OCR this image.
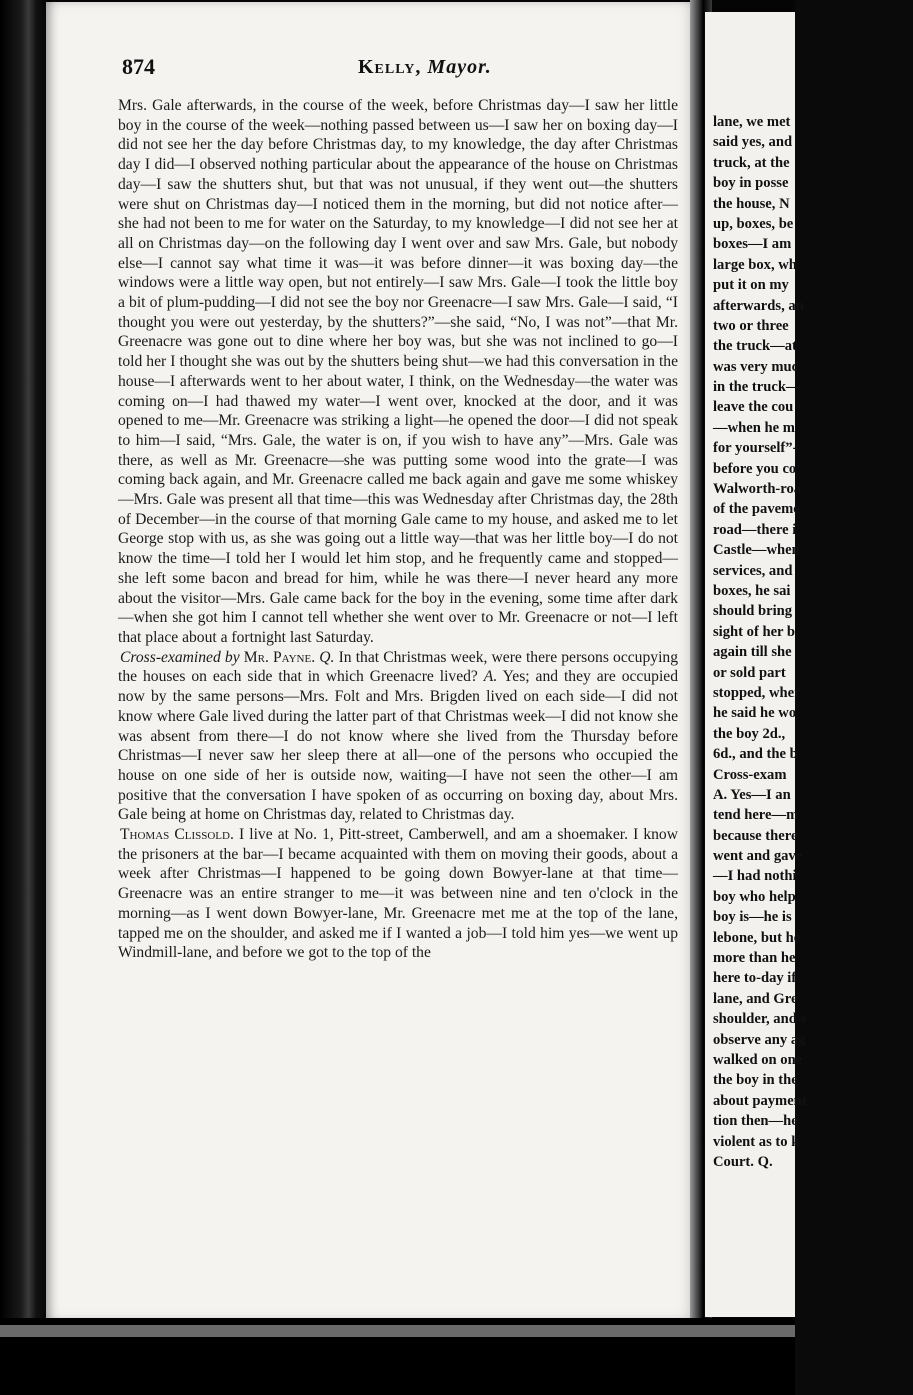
lane, we met
said yes, and
truck, at the
boy in posse
the house, N
up, boxes, be
boxes—I am
large box, wh
put it on my
afterwards, an
two or three
the truck—at
was very muc
in the truck—
leave the cou
—when he m
for yourself”-
before you co
Walworth-roa
of the paveme
road—there i
Castle—when
services, and
boxes, he sai
should bring
sight of her b
again till she
or sold part
stopped, wher
he said he wo
the boy 2d.,
6d., and the b
Cross-exam
A. Yes—I an
tend here—m
because there
went and gave
—I had nothi
boy who help
boy is—he is
lebone, but he
more than he
here to-day if
lane, and Gre
shoulder, and s
observe any ag
walked on one
the boy in the
about payment
tion then—he
violent as to k
Court. Q.
874	Kelly, Mayor.

Mrs. Gale afterwards, in the course of the week, before Christmas day—I saw her little boy in the course of the week—nothing passed between us—I saw her on boxing day—I did not see her the day before Christmas day, to my knowledge, the day after Christmas day I did—I observed nothing particular about the appearance of the house on Christmas day—I saw the shutters shut, but that was not unusual, if they went out—the shutters were shut on Christmas day—I noticed them in the morning, but did not notice after—she had not been to me for water on the Saturday, to my knowledge—I did not see her at all on Christmas day—on the following day I went over and saw Mrs. Gale, but nobody else—I cannot say what time it was—it was before dinner—it was boxing day—the windows were a little way open, but not entirely—I saw Mrs. Gale—I took the little boy a bit of plum-pudding—I did not see the boy nor Greenacre—I saw Mrs. Gale—I said, “I thought you were out yesterday, by the shutters?”—she said, “No, I was not”—that Mr. Greenacre was gone out to dine where her boy was, but she was not inclined to go—I told her I thought she was out by the shutters being shut—we had this conversation in the house—I afterwards went to her about water, I think, on the Wednesday—the water was coming on—I had thawed my water—I went over, knocked at the door, and it was opened to me—Mr. Greenacre was striking a light—he opened the door—I did not speak to him—I said, “Mrs. Gale, the water is on, if you wish to have any”—Mrs. Gale was there, as well as Mr. Greenacre—she was putting some wood into the grate—I was coming back again, and Mr. Greenacre called me back again and gave me some whiskey—Mrs. Gale was present all that time—this was Wednesday after Christmas day, the 28th of December—in the course of that morning Gale came to my house, and asked me to let George stop with us, as she was going out a little way—that was her little boy—I do not know the time—I told her I would let him stop, and he frequently came and stopped—she left some bacon and bread for him, while he was there—I never heard any more about the visitor—Mrs. Gale came back for the boy in the evening, some time after dark—when she got him I cannot tell whether she went over to Mr. Greenacre or not—I left that place about a fortnight last Saturday.

Cross-examined by Mr. Payne. Q. In that Christmas week, were there persons occupying the houses on each side that in which Greenacre lived? A. Yes; and they are occupied now by the same persons—Mrs. Folt and Mrs. Brigden lived on each side—I did not know where Gale lived during the latter part of that Christmas week—I did not know she was absent from there—I do not know where she lived from the Thursday before Christmas—I never saw her sleep there at all—one of the persons who occupied the house on one side of her is outside now, waiting—I have not seen the other—I am positive that the conversation I have spoken of as occurring on boxing day, about Mrs. Gale being at home on Christmas day, related to Christmas day.

Thomas Clissold. I live at No. 1, Pitt-street, Camberwell, and am a shoemaker. I know the prisoners at the bar—I became acquainted with them on moving their goods, about a week after Christmas—I happened to be going down Bowyer-lane at that time—Greenacre was an entire stranger to me—it was between nine and ten o'clock in the morning—as I went down Bowyer-lane, Mr. Greenacre met me at the top of the lane, tapped me on the shoulder, and asked me if I wanted a job—I told him yes—we went up Windmill-lane, and before we got to the top of the
